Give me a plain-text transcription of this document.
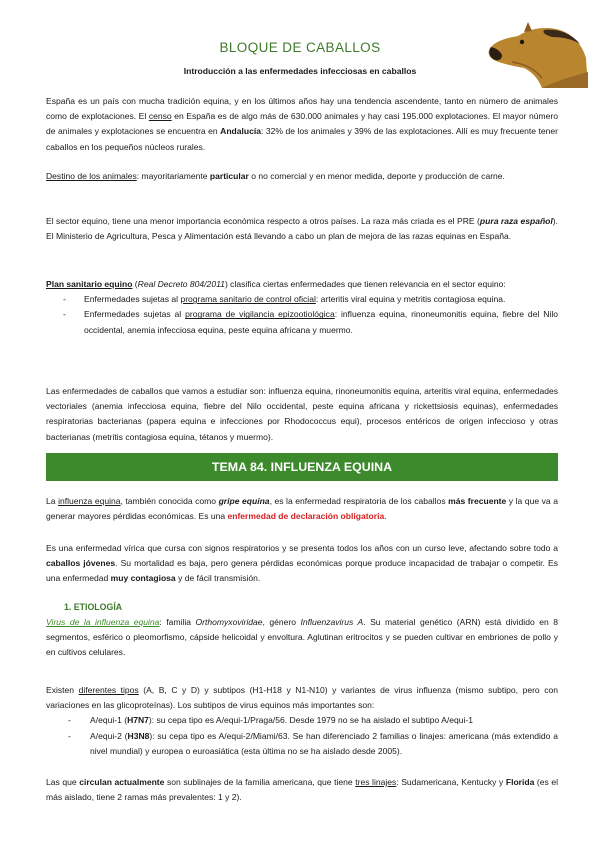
BLOQUE DE CABALLOS
Introducción a las enfermedades infecciosas en caballos

España es un país con mucha tradición equina, y en los últimos años hay una tendencia ascendente, tanto en número de animales como de explotaciones. El censo en España es de algo más de 630.000 animales y hay casi 195.000 explotaciones. El mayor número de animales y explotaciones se encuentra en Andalucía: 32% de los animales y 39% de las explotaciones. Allí es muy frecuente tener caballos en los pequeños núcleos rurales.

Destino de los animales: mayoritariamente particular o no comercial y en menor medida, deporte y producción de carne.

El sector equino, tiene una menor importancia económica respecto a otros países. La raza más criada es el PRE (pura raza español). El Ministerio de Agricultura, Pesca y Alimentación está llevando a cabo un plan de mejora de las razas equinas en España.

Plan sanitario equino (Real Decreto 804/2011) clasifica ciertas enfermedades que tienen relevancia en el sector equino:

- Enfermedades sujetas al programa sanitario de control oficial: arteritis viral equina y metritis contagiosa equina.
- Enfermedades sujetas al programa de vigilancia epizootiológica: influenza equina, rinoneumonitis equina, fiebre del Nilo occidental, anemia infecciosa equina, peste equina africana y muermo.

Las enfermedades de caballos que vamos a estudiar son: influenza equina, rinoneumonitis equina, arteritis viral equina, enfermedades vectoriales (anemia infecciosa equina, fiebre del Nilo occidental, peste equina africana y rickettsiosis equinas), enfermedades respiratorias bacterianas (papera equina e infecciones por Rhodococcus equi), procesos entéricos de origen infeccioso y otras bacterianas (metritis contagiosa equina, tétanos y muermo).

TEMA 84. INFLUENZA EQUINA

La influenza equina, también conocida como gripe equina, es la enfermedad respiratoria de los caballos más frecuente y la que va a generar mayores pérdidas económicas. Es una enfermedad de declaración obligatoria.

Es una enfermedad vírica que cursa con signos respiratorios y se presenta todos los años con un curso leve, afectando sobre todo a caballos jóvenes. Su mortalidad es baja, pero genera pérdidas económicas porque produce incapacidad de trabajar o competir. Es una enfermedad muy contagiosa y de fácil transmisión.

1. ETIOLOGÍA

Virus de la influenza equina: familia Orthomyxoviridae, género Influenzavirus A. Su material genético (ARN) está dividido en 8 segmentos, esférico o pleomorfismo, cápside helicoidal y envoltura. Aglutinan eritrocitos y se pueden cultivar en embriones de pollo y en cultivos celulares.

Existen diferentes tipos (A, B, C y D) y subtipos (H1-H18 y N1-N10) y variantes de virus influenza (mismo subtipo, pero con variaciones en las glicoproteínas). Los subtipos de virus equinos más importantes son:

- A/equi-1 (H7N7): su cepa tipo es A/equi-1/Praga/56. Desde 1979 no se ha aislado el subtipo A/equi-1
- A/equi-2 (H3N8): su cepa tipo es A/equi-2/Miami/63. Se han diferenciado 2 familias o linajes: americana (más extendido a nivel mundial) y europea o euroasiática (esta última no se ha aislado desde 2005).

Las que circulan actualmente son sublinajes de la familia americana, que tiene tres linajes: Sudamericana, Kentucky y Florida (es el más aislado, tiene 2 ramas más prevalentes: 1 y 2).
